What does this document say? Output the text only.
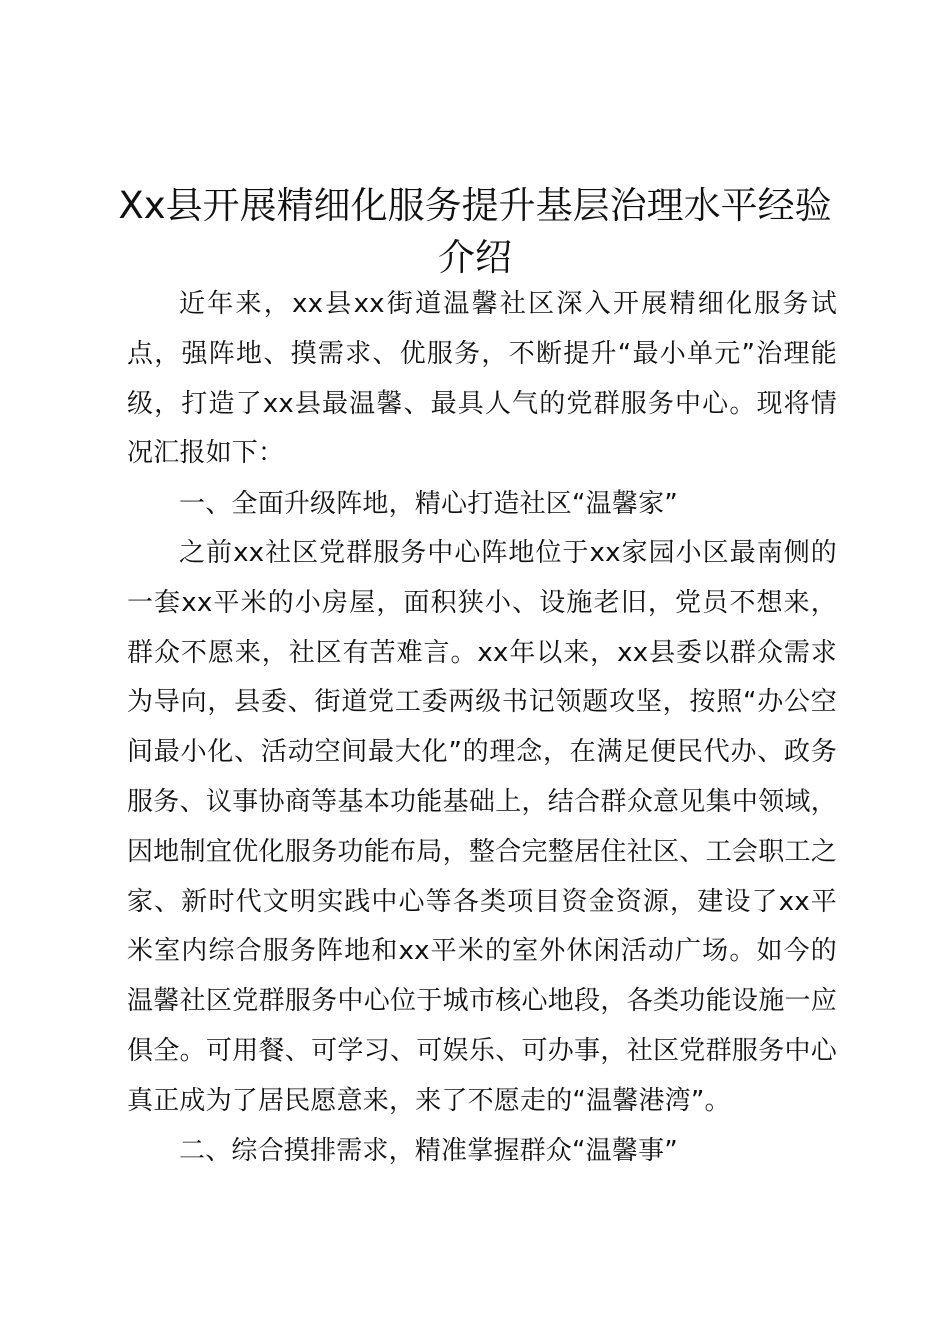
Xx县开展精细化服务提升基层治理水平经验介绍

近年来，xx县xx街道温馨社区深入开展精细化服务试点，强阵地、摸需求、优服务，不断提升“最小单元”治理能级，打造了xx县最温馨、最具人气的党群服务中心。现将情况汇报如下：

一、全面升级阵地，精心打造社区“温馨家”

之前xx社区党群服务中心阵地位于xx家园小区最南侧的一套xx平米的小房屋，面积狭小、设施老旧，党员不想来，群众不愿来，社区有苦难言。xx年以来，xx县委以群众需求为导向，县委、街道党工委两级书记领题攻坚，按照“办公空间最小化、活动空间最大化”的理念，在满足便民代办、政务服务、议事协商等基本功能基础上，结合群众意见集中领域，因地制宜优化服务功能布局，整合完整居住社区、工会职工之家、新时代文明实践中心等各类项目资金资源，建设了xx平米室内综合服务阵地和xx平米的室外休闲活动广场。如今的温馨社区党群服务中心位于城市核心地段，各类功能设施一应俱全。可用餐、可学习、可娱乐、可办事，社区党群服务中心真正成为了居民愿意来，来了不愿走的“温馨港湾”。

二、综合摸排需求，精准掌握群众“温馨事”
